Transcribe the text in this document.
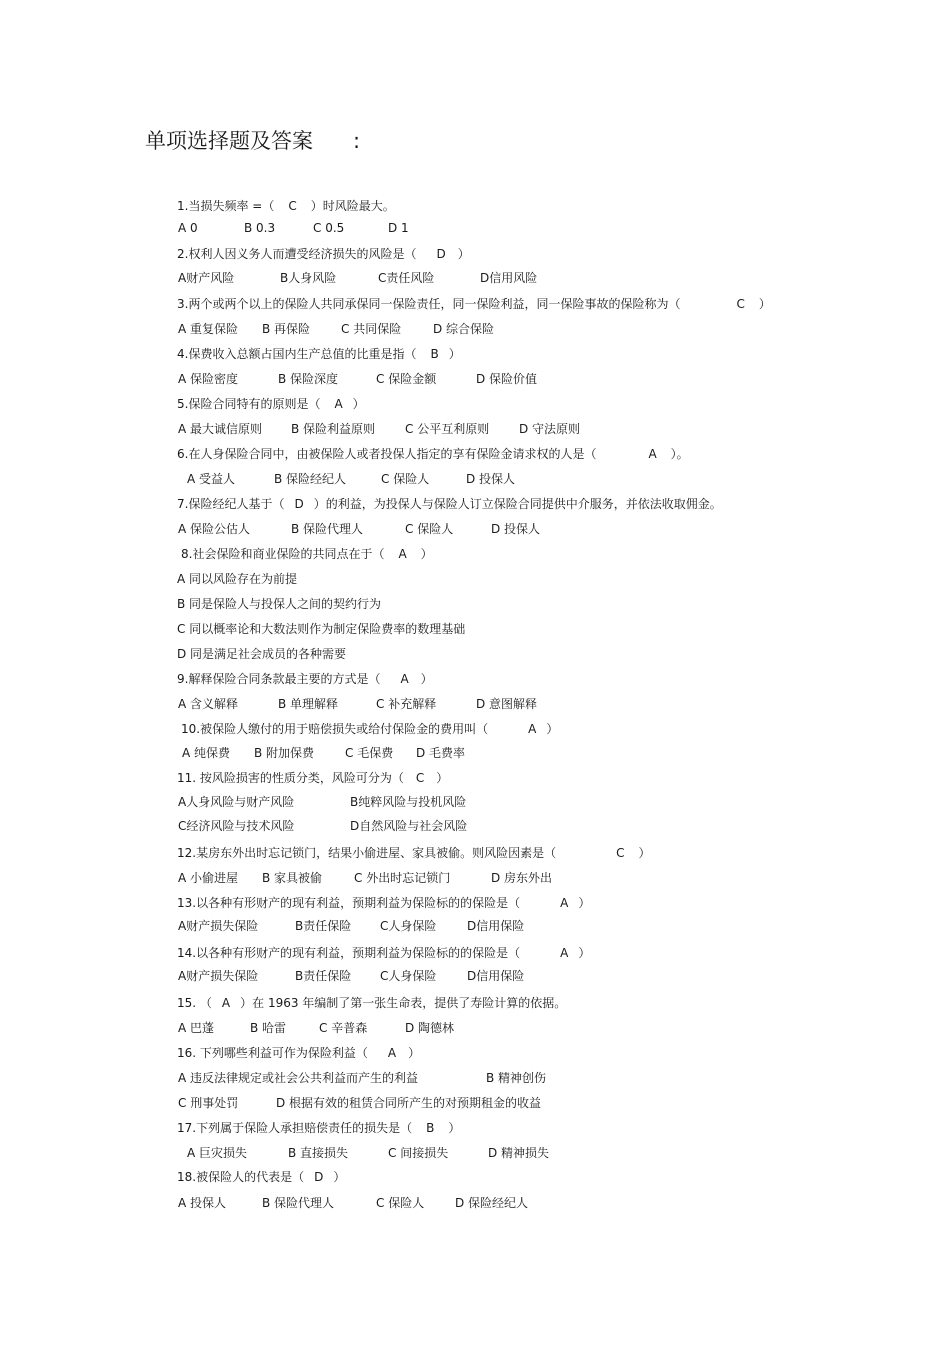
单项选择题及答案 :
1.当损失频率 =（ C ）时风险最大。
A 0	B 0.3	C 0.5	D 1
2.权利人因义务人而遭受经济损失的风险是（ D ）
A财产风险	B人身风险	C责任风险	D信用风险
3.两个或两个以上的保险人共同承保同一保险责任，同一保险利益，同一保险事故的保险称为（	C ）
A 重复保险 B 再保险	C 共同保险	D 综合保险
4.保费收入总额占国内生产总值的比重是指（ B ）
A 保险密度	B 保险深度	C 保险金额	D 保险价值
5.保险合同特有的原则是（ A ）
A 最大诚信原则 B 保险利益原则 C 公平互利原则 D 守法原则
6.在人身保险合同中，由被保险人或者投保人指定的享有保险金请求权的人是（	A ）。
A 受益人	B 保险经纪人	C 保险人	D 投保人
7.保险经纪人基于（ D ）的利益，为投保人与保险人订立保险合同提供中介服务，并依法收取佣金。
A 保险公估人	B 保险代理人	C 保险人	D 投保人
8.社会保险和商业保险的共同点在于（ A ）
A 同以风险存在为前提
B 同是保险人与投保人之间的契约行为
C 同以概率论和大数法则作为制定保险费率的数理基础
D 同是满足社会成员的各种需要
9.解释保险合同条款最主要的方式是（ A ）
A 含义解释	B 单理解释	C 补充解释	D 意图解释
10.被保险人缴付的用于赔偿损失或给付保险金的费用叫（	A ）
A 纯保费 B 附加保费	C 毛保费 D 毛费率
11. 按风险损害的性质分类，风险可分为（ C ）
A人身风险与财产风险	B纯粹风险与投机风险
C经济风险与技术风险	D自然风险与社会风险
12.某房东外出时忘记锁门，结果小偷进屋、家具被偷。则风险因素是（	C ）
A 小偷进屋 B 家具被偷	C 外出时忘记锁门	D 房东外出
13.以各种有形财产的现有利益，预期利益为保险标的的保险是（	A ）
A财产损失保险	B责任保险 C人身保险	D信用保险
14.以各种有形财产的现有利益，预期利益为保险标的的保险是（	A ）
A财产损失保险	B责任保险 C人身保险	D信用保险
15. （ A ）在 1963 年编制了第一张生命表，提供了寿险计算的依据。
A 巴蓬	B 哈雷	C 辛普森	D 陶德林
16. 下列哪些利益可作为保险利益（ A ）
A 违反法律规定或社会公共利益而产生的利益	B 精神创伤
C 刑事处罚	D 根据有效的租赁合同所产生的对预期租金的收益
17.下列属于保险人承担赔偿责任的损失是（ B ）
A 巨灾损失	B 直接损失	C 间接损失	D 精神损失
18.被保险人的代表是（ D ）
A 投保人	B 保险代理人	C 保险人	D 保险经纪人
